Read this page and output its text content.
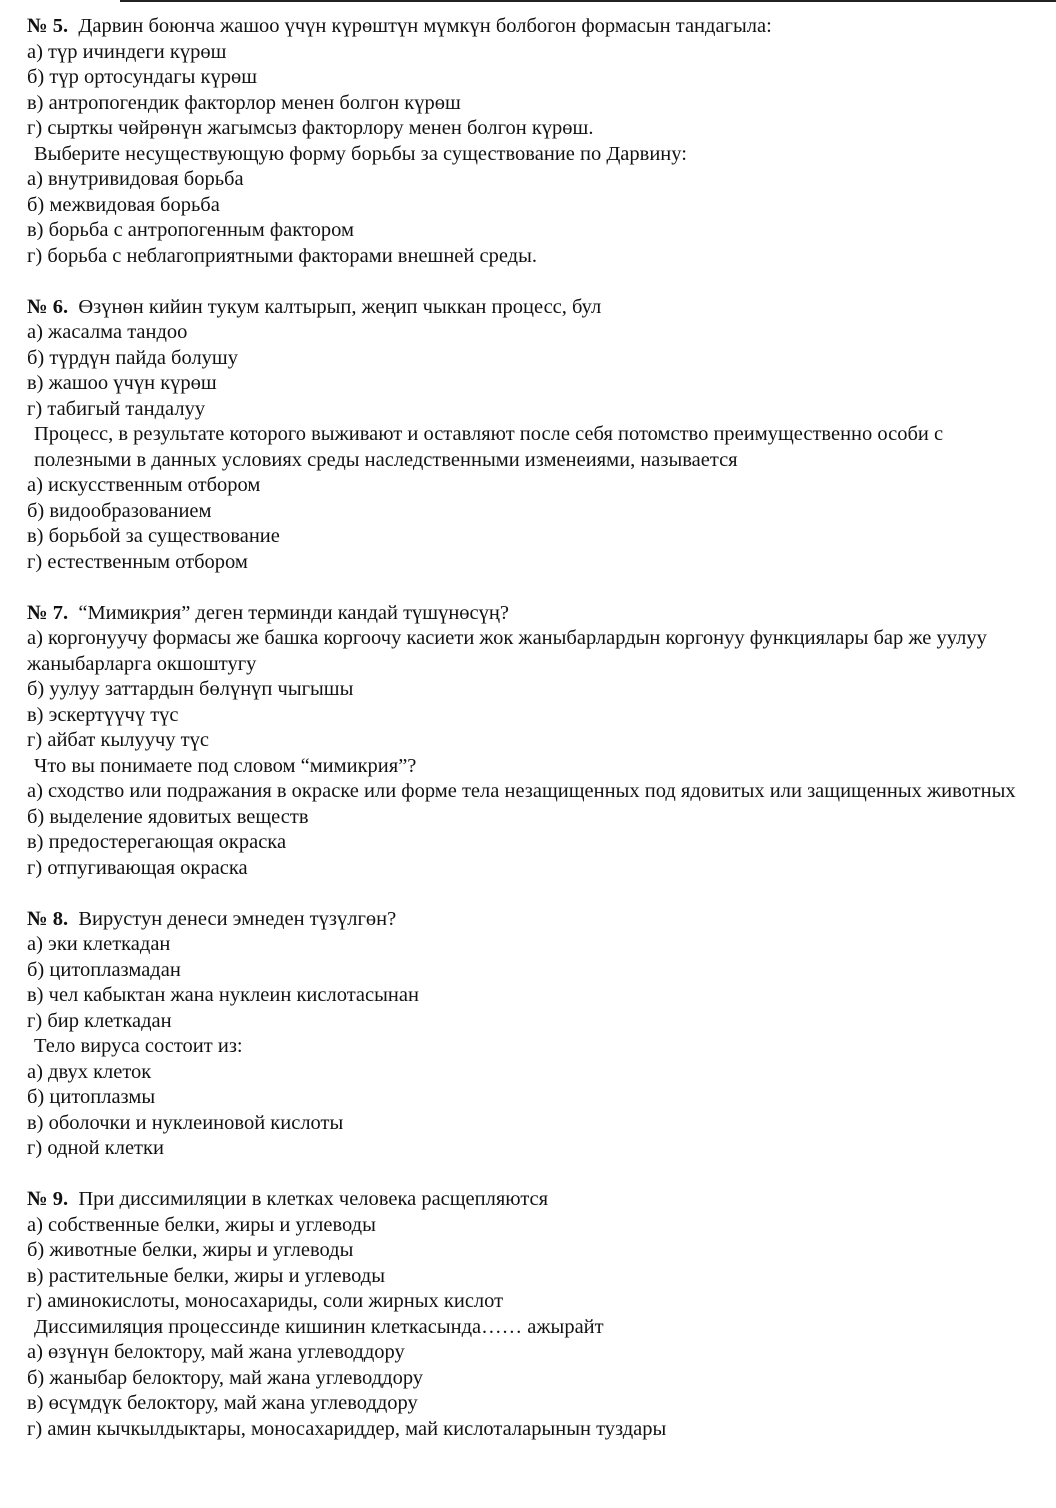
№ 5. Дарвин боюнча жашоо үчүн күрөштүн мүмкүн болбогон формасын тандагыла:
а) түр ичиндеги күрөш
б) түр ортосундагы күрөш
в) антропогендик факторлор менен болгон күрөш
г) сырткы чөйрөнүн жагымсыз факторлору менен болгон күрөш.
Выберите несуществующую форму борьбы за существование по Дарвину:
а) внутривидовая борьба
б) межвидовая борьба
в) борьба с антропогенным фактором
г) борьба с неблагоприятными факторами внешней среды.
№ 6. Өзүнөн кийин тукум калтырып, жеңип чыккан процесс, бул
а) жасалма тандоо
б) түрдүн пайда болушу
в) жашоо үчүн күрөш
г) табигый тандалуу
Процесс, в результате которого выживают и оставляют после себя потомство преимущественно особи с полезными в данных условиях среды наследственными изменеиями, называется
а) искусственным отбором
б) видообразованием
в) борьбой за существование
г) естественным отбором
№ 7. “Мимикрия” деген терминди кандай түшүнөсүң?
а) коргонуучу формасы же башка коргоочу касиети жок жаныбарлардын коргонуу функциялары бар же уулуу жаныбарларга окшоштугу
б) уулуу заттардын бөлүнүп чыгышы
в) эскертүүчү түс
г) айбат кылуучу түс
Что вы понимаете под словом “мимикрия”?
а) сходство или подражания в окраске или форме тела незащищенных под ядовитых или защищенных животных
б) выделение ядовитых веществ
в) предостерегающая окраска
г) отпугивающая окраска
№ 8. Вирустун денеси эмнеден түзүлгөн?
а) эки клеткадан
б) цитоплазмадан
в) чел кабыктан жана нуклеин кислотасынан
г) бир клеткадан
Тело вируса состоит из:
а) двух клеток
б) цитоплазмы
в) оболочки и нуклеиновой кислоты
г) одной клетки
№ 9. При диссимиляции в клетках человека расщепляются
а) собственные белки, жиры и углеводы
б) животные белки, жиры и углеводы
в) растительные белки, жиры и углеводы
г) аминокислоты, моносахариды, соли жирных кислот
Диссимиляция процессинде кишинин клеткасында…… ажырайт
а) өзүнүн белоктору, май жана углеводдору
б) жаныбар белоктору, май жана углеводдору
в) өсүмдүк белоктору, май жана углеводдору
г) амин кычкылдыктары, моносахариддер, май кислоталарынын туздары
